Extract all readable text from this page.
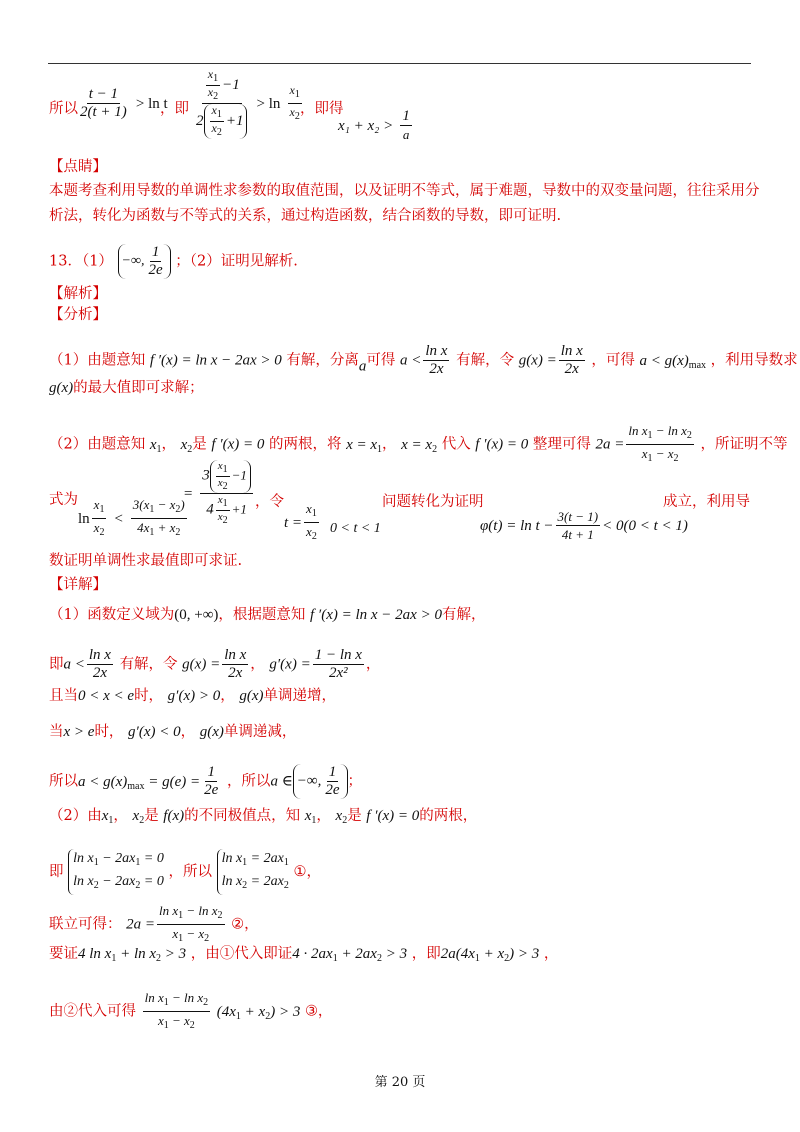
所以 $\frac{t - 1}{2(t + 1)} > \ln t$
，即 $\frac{\frac{x_1}{x_2} -1}{2 \frac{x_1}{x_2} +1} > \ln \frac{x_1}{x_2}$
，即得
$x_1 + x_2 > \frac{1}{a}$
【点睛】
本题考查利用导数的单调性求参数的取值范围，以及证明不等式，属于难题，导数中的双变量问题，往往采用分
析法，转化为函数与不等式的关系，通过构造函数，结合函数的导数，即可证明.
13．（1） −∞, $\frac{1}{2e}$ ；（2）证明见解析.
【解析】
【分析】
（1）由题意知 f ′(x) = ln x − 2ax > 0 有解，分离a可得 $a < \frac{\text{ln x}}{2x}$ 有解，令 $g(x) = \frac{\text{ln x}}{2x}$ ，可得 $a < g(x)_{max}$ ，利用导数求
g(x)的最大值即可求解；
（2）由题意知 $x_1$， $x_2$是 f ′(x) = 0 的两根，将 $x = x_1$， $x = x_2$ 代入 f ′(x) = 0 整理可得 $2a = \frac{\ln x_1 - \ln x_2}{x_1 - x_2}$ ，所证明不等
式为
$\ln \frac{x_1}{x_2} < \frac{3(x_1 - x_2)}{4x_1 + x_2}$
= $\frac{3 \frac{x1}{x2} -1}{4 \frac{x1}{x2} +1}$ ，令
$t = \frac{x_1}{x_2} 0 < t < 1$
问题转化为证明
$\varphi(t) = \ln t - \frac{3(t - 1)}{4t + 1} < 0(0 < t < 1)$
成立，利用导
数证明单调性求最值即可求证.
【详解】
（1）函数定义域为(0, +∞)，根据题意知 f ′(x) = ln x − 2ax > 0有解，
即$a < \frac{\text{ln x}}{2x}$ 有解，令 $g(x) = \frac{\text{ln x}}{2x}$ ， $g'(x) = \frac{\text{1 − ln x}}{\text{2x²}}$ ，
且当0 < x < e时， g′(x) > 0， g(x)单调递增，
当x > e时， g′(x) < 0， g(x)单调递减，
所以$a < g(x)_{max} = g(e) = \frac{1}{2e}$ ，所以a ∈ −∞, $\frac{1}{2e}$ ；
（2）由$x_1$， $x_2$是 f(x)的不同极值点，知 $x_1$， $x_2$是 f ′(x) = 0的两根，
即
$\ln x_1 - 2ax_1 = 0$
$\ln x_2 - 2ax_2 = 0$
，所以
$\ln x_1 = 2ax_1$
$\ln x_2 = 2ax_2$
①，
联立可得： $2a = \frac{\ln x_1 - \ln x_2}{x_1 - x_2}$ ②，
要证4 $\ln x_1 + \ln x_2 > 3$ ，由①代入即证$4 \cdot 2ax_1 + 2ax_2 > 3$ ，即$2a(4x_1 + x_2) > 3$ ，
由②代入可得 $\frac{\ln x_1 - \ln x_2}{x_1 - x_2} (4x_1 + x_2) > 3$ ③，
第 20 页
